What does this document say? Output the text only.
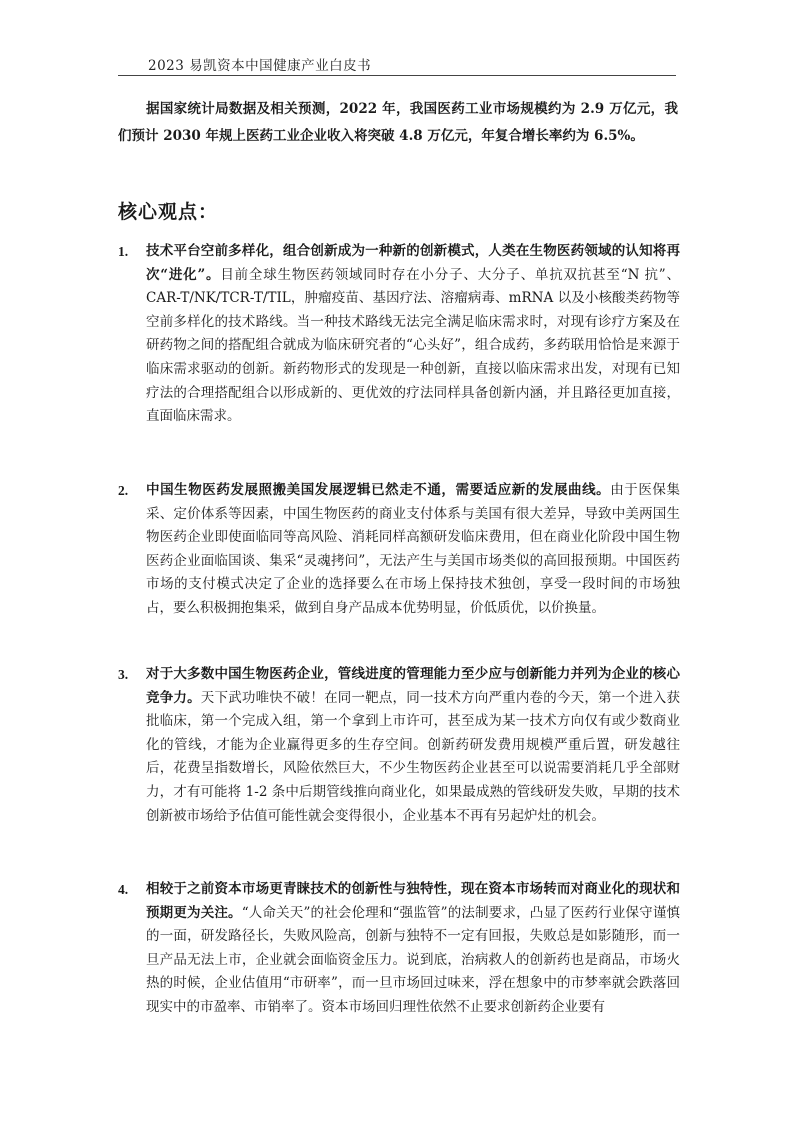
2023 易凯资本中国健康产业白皮书
据国家统计局数据及相关预测，2022 年，我国医药工业市场规模约为 2.9 万亿元，我们预计 2030 年规上医药工业企业收入将突破 4.8 万亿元，年复合增长率约为 6.5%。
核心观点：
1.	技术平台空前多样化，组合创新成为一种新的创新模式，人类在生物医药领域的认知将再次“进化”。目前全球生物医药领域同时存在小分子、大分子、单抗双抗甚至“N 抗”、CAR-T/NK/TCR-T/TIL，肿瘤疫苗、基因疗法、溶瘤病毒、mRNA 以及小核酸类药物等空前多样化的技术路线。当一种技术路线无法完全满足临床需求时，对现有诊疗方案及在研药物之间的搭配组合就成为临床研究者的“心头好”，组合成药，多药联用恰恰是来源于临床需求驱动的创新。新药物形式的发现是一种创新，直接以临床需求出发，对现有已知疗法的合理搭配组合以形成新的、更优效的疗法同样具备创新内涵，并且路径更加直接，直面临床需求。
2.	中国生物医药发展照搬美国发展逻辑已然走不通，需要适应新的发展曲线。由于医保集采、定价体系等因素，中国生物医药的商业支付体系与美国有很大差异，导致中美两国生物医药企业即使面临同等高风险、消耗同样高额研发临床费用，但在商业化阶段中国生物医药企业面临国谈、集采“灵魂拷问”，无法产生与美国市场类似的高回报预期。中国医药市场的支付模式决定了企业的选择要么在市场上保持技术独创，享受一段时间的市场独占，要么积极拥抱集采，做到自身产品成本优势明显，价低质优，以价换量。
3.	对于大多数中国生物医药企业，管线进度的管理能力至少应与创新能力并列为企业的核心竞争力。天下武功唯快不破！在同一靶点，同一技术方向严重内卷的今天，第一个进入获批临床，第一个完成入组，第一个拿到上市许可，甚至成为某一技术方向仅有或少数商业化的管线，才能为企业赢得更多的生存空间。创新药研发费用规模严重后置，研发越往后，花费呈指数增长，风险依然巨大，不少生物医药企业甚至可以说需要消耗几乎全部财力，才有可能将 1-2 条中后期管线推向商业化，如果最成熟的管线研发失败，早期的技术创新被市场给予估值可能性就会变得很小，企业基本不再有另起炉灶的机会。
4.	相较于之前资本市场更青睐技术的创新性与独特性，现在资本市场转而对商业化的现状和预期更为关注。“人命关天”的社会伦理和“强监管”的法制要求，凸显了医药行业保守谨慎的一面，研发路径长，失败风险高，创新与独特不一定有回报，失败总是如影随形，而一旦产品无法上市，企业就会面临资金压力。说到底，治病救人的创新药也是商品，市场火热的时候，企业估值用“市研率”，而一旦市场回过味来，浮在想象中的市梦率就会跌落回现实中的市盈率、市销率了。资本市场回归理性依然不止要求创新药企业要有
